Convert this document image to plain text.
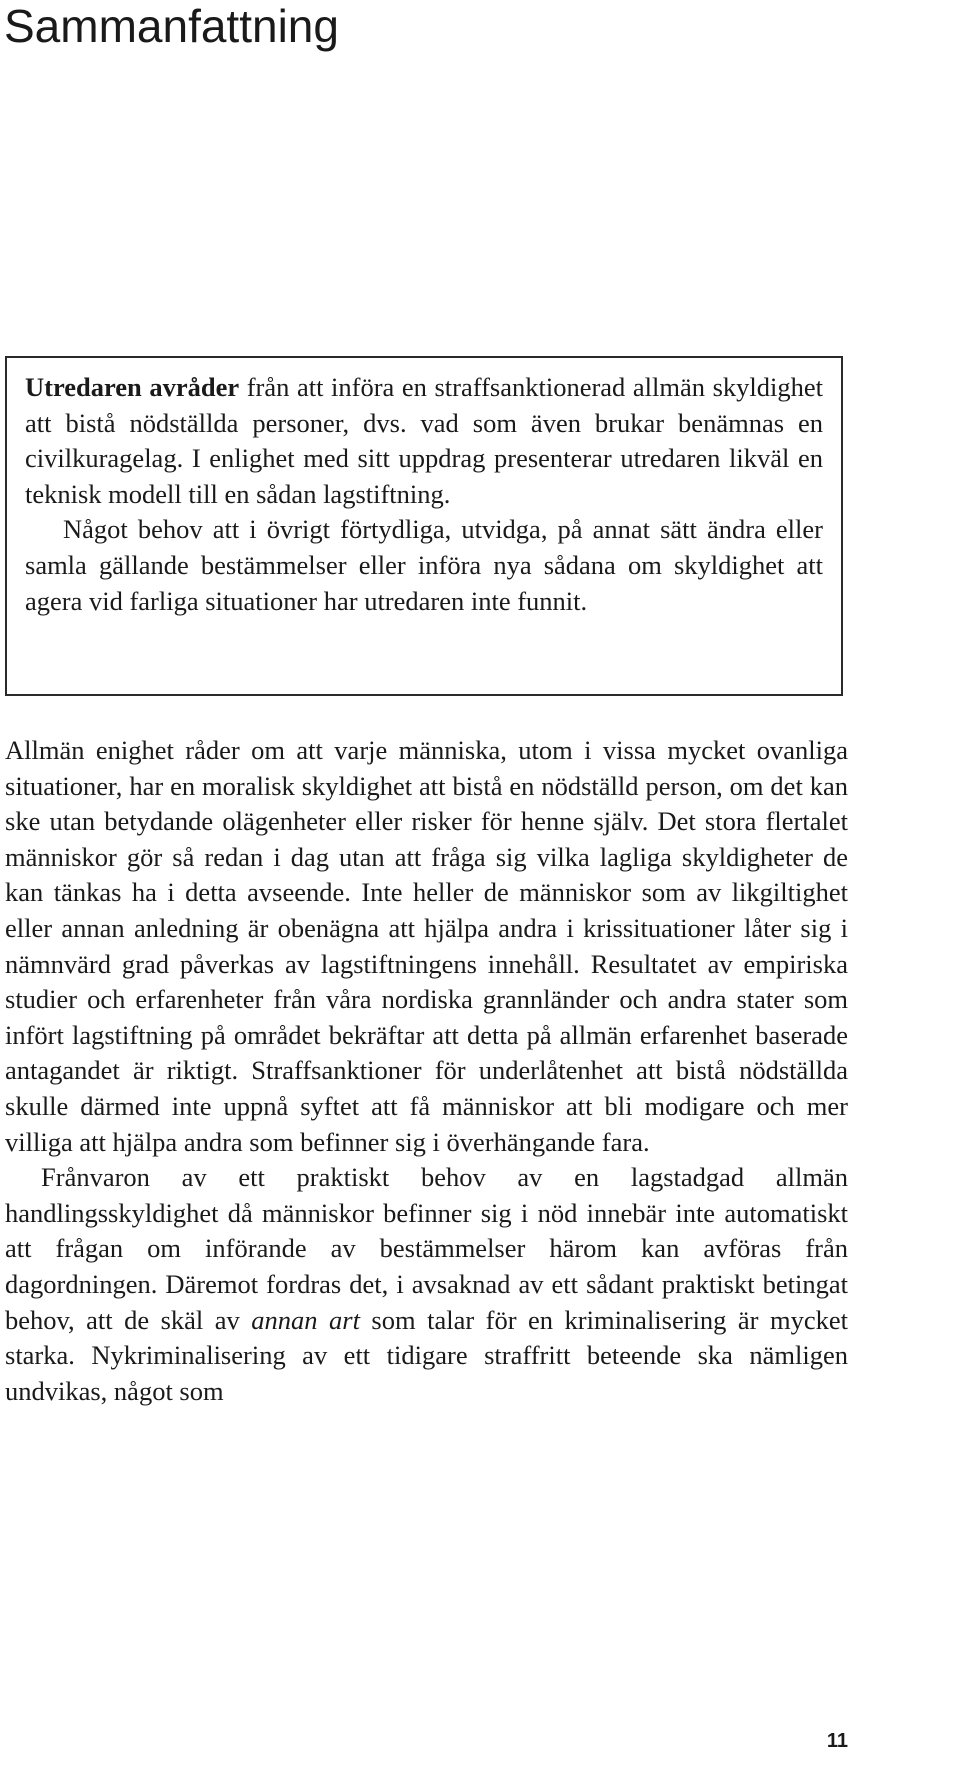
Sammanfattning

Utredaren avråder från att införa en straffsanktionerad allmän skyldighet att bistå nödställda personer, dvs. vad som även brukar benämnas en civilkuragelag. I enlighet med sitt uppdrag presenterar utredaren likväl en teknisk modell till en sådan lagstiftning.

Något behov att i övrigt förtydliga, utvidga, på annat sätt ändra eller samla gällande bestämmelser eller införa nya sådana om skyldighet att agera vid farliga situationer har utredaren inte funnit.

Allmän enighet råder om att varje människa, utom i vissa mycket ovanliga situationer, har en moralisk skyldighet att bistå en nödställd person, om det kan ske utan betydande olägenheter eller risker för henne själv. Det stora flertalet människor gör så redan i dag utan att fråga sig vilka lagliga skyldigheter de kan tänkas ha i detta avseende. Inte heller de människor som av likgiltighet eller annan anledning är obenägna att hjälpa andra i krissituationer låter sig i nämnvärd grad påverkas av lagstiftningens innehåll. Resultatet av empiriska studier och erfarenheter från våra nordiska grannländer och andra stater som infört lagstiftning på området bekräftar att detta på allmän erfarenhet baserade antagandet är riktigt. Straffsanktioner för underlåtenhet att bistå nödställda skulle därmed inte uppnå syftet att få människor att bli modigare och mer villiga att hjälpa andra som befinner sig i överhängande fara.

Frånvaron av ett praktiskt behov av en lagstadgad allmän handlingsskyldighet då människor befinner sig i nöd innebär inte automatiskt att frågan om införande av bestämmelser härom kan avföras från dagordningen. Däremot fordras det, i avsaknad av ett sådant praktiskt betingat behov, att de skäl av annan art som talar för en kriminalisering är mycket starka. Nykriminalisering av ett tidigare straffritt beteende ska nämligen undvikas, något som

11
